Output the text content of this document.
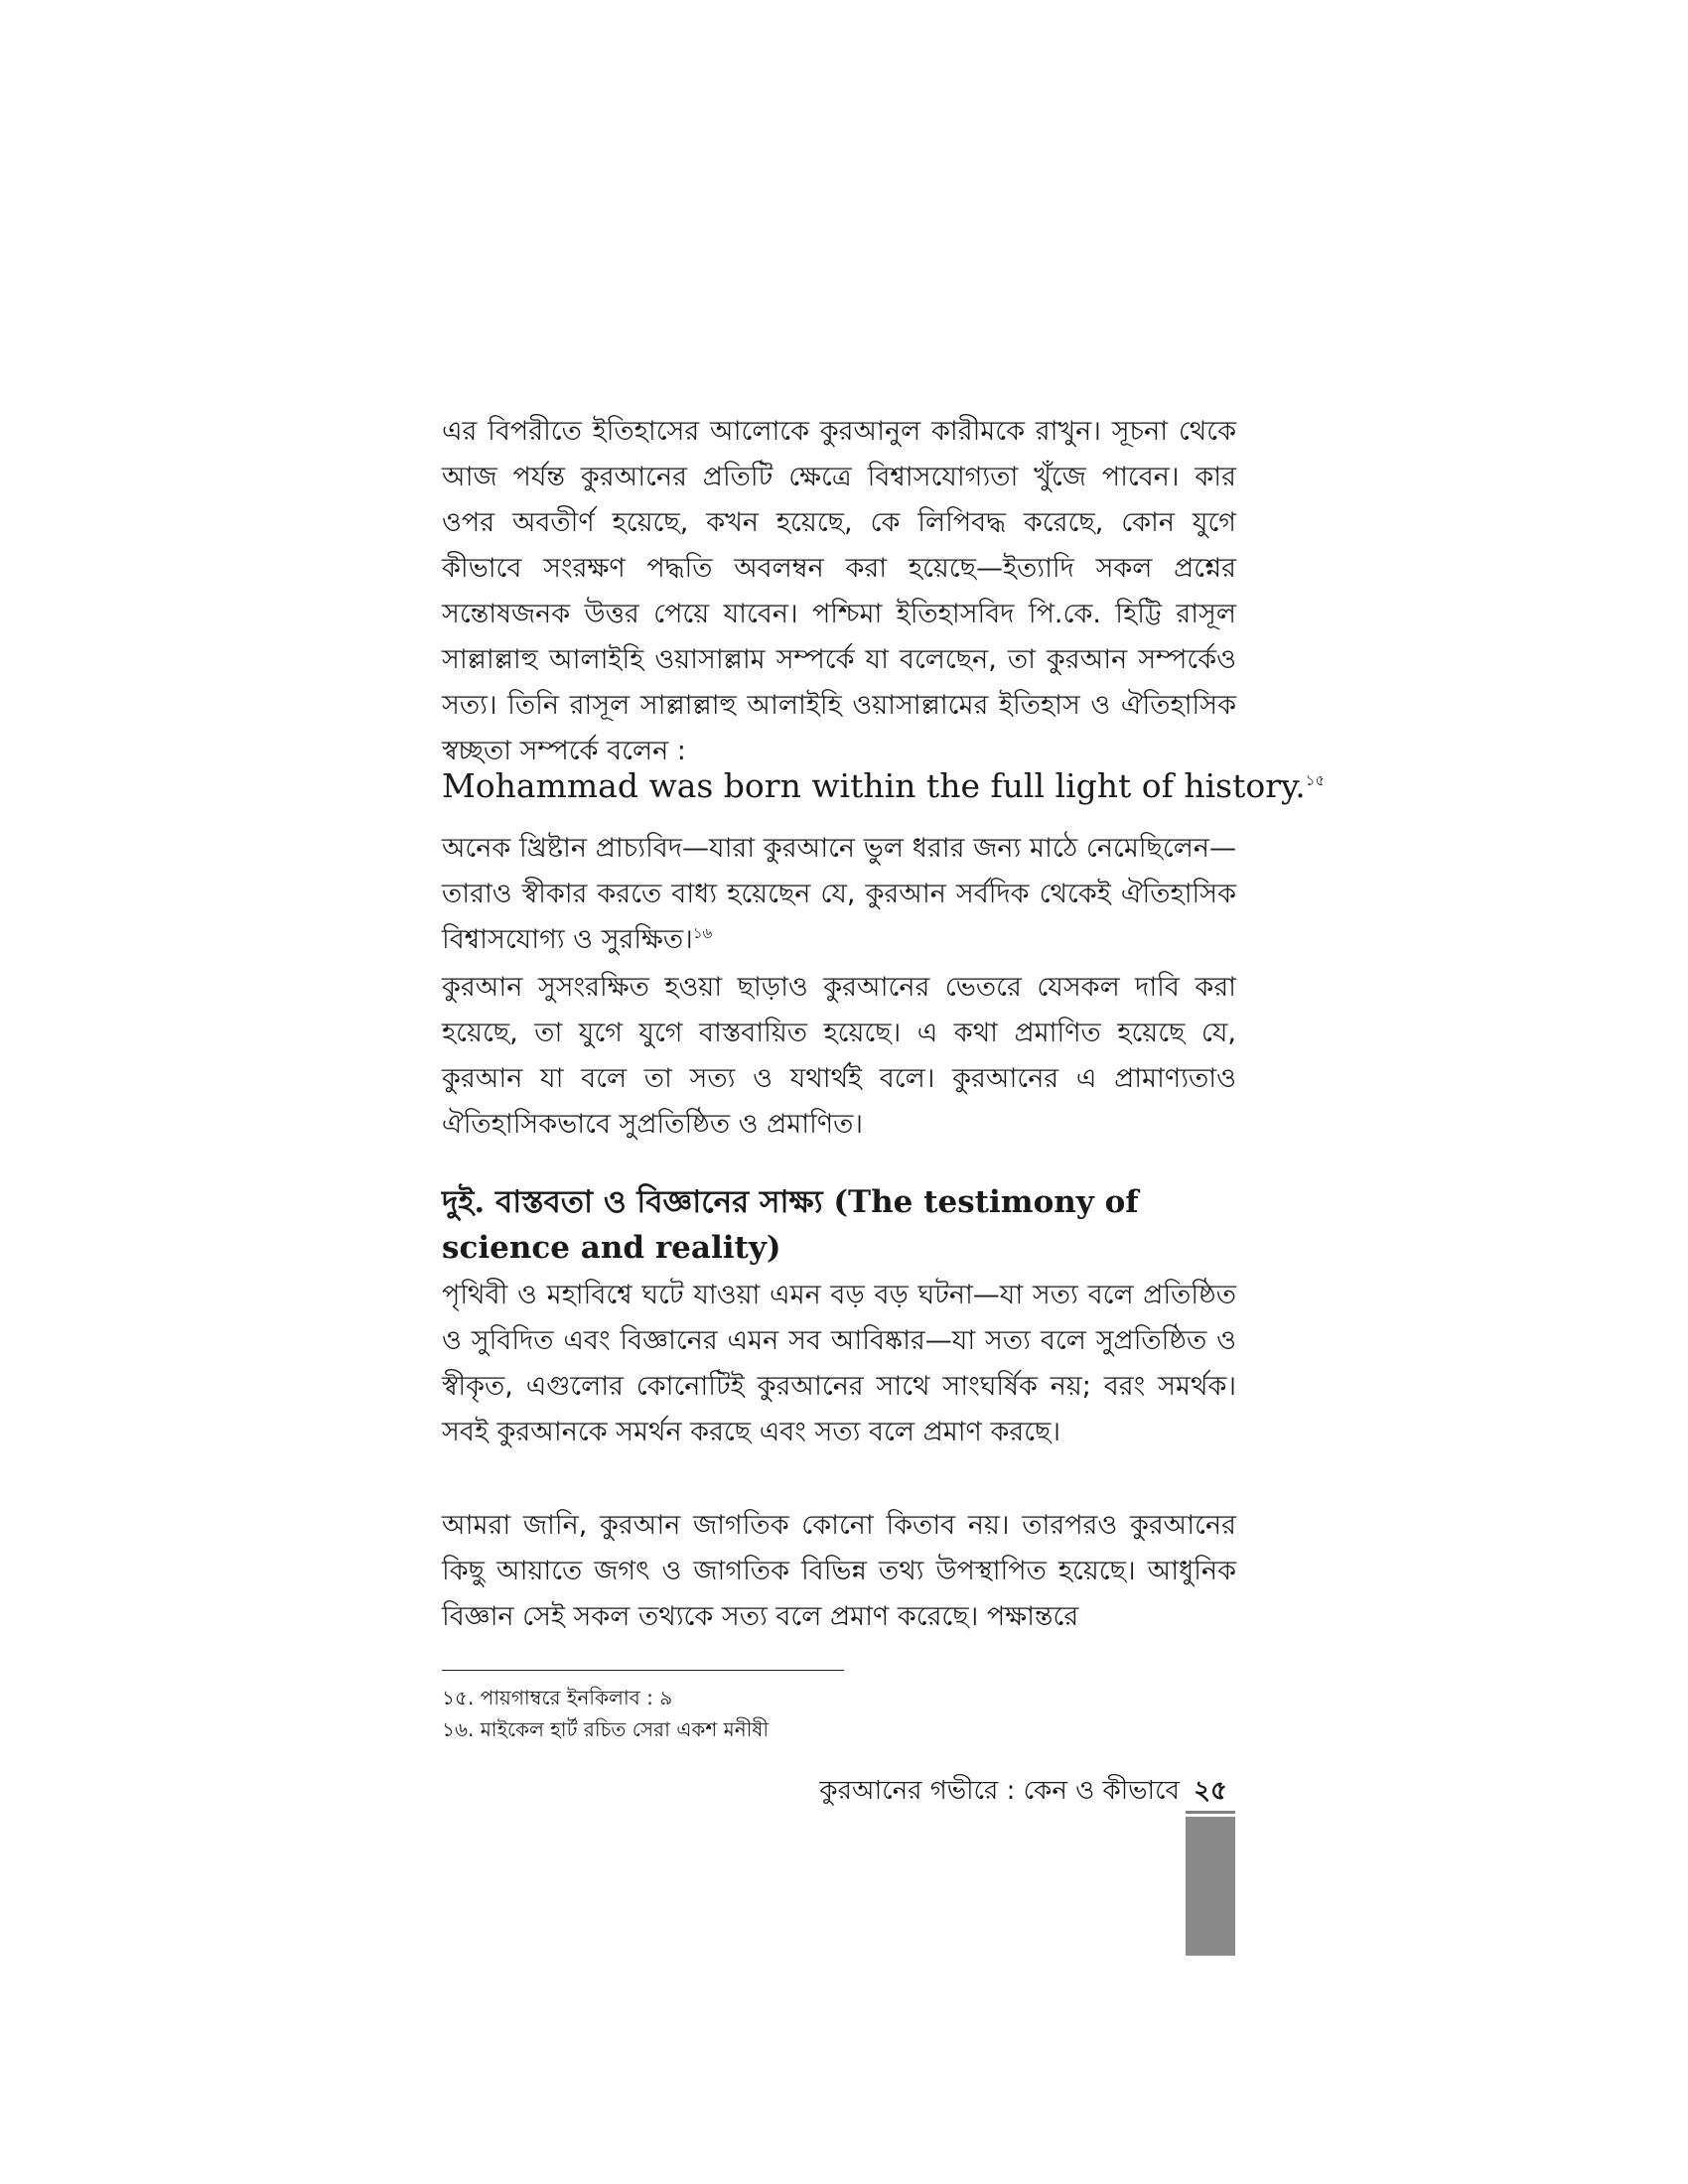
এর বিপরীতে ইতিহাসের আলোকে কুরআনুল কারীমকে রাখুন। সূচনা থেকে আজ পর্যন্ত কুরআনের প্রতিটি ক্ষেত্রে বিশ্বাসযোগ্যতা খুঁজে পাবেন। কার ওপর অবতীর্ণ হয়েছে, কখন হয়েছে, কে লিপিবদ্ধ করেছে, কোন যুগে কীভাবে সংরক্ষণ পদ্ধতি অবলম্বন করা হয়েছে—ইত্যাদি সকল প্রশ্নের সন্তোষজনক উত্তর পেয়ে যাবেন। পশ্চিমা ইতিহাসবিদ পি.কে. হিট্টি রাসূল সাল্লাল্লাহু আলাইহি ওয়াসাল্লাম সম্পর্কে যা বলেছেন, তা কুরআন সম্পর্কেও সত্য। তিনি রাসূল সাল্লাল্লাহু আলাইহি ওয়াসাল্লামের ইতিহাস ও ঐতিহাসিক স্বচ্ছতা সম্পর্কে বলেন :

Mohammad was born within the full light of history.$^{১৫}$

অনেক খ্রিষ্টান প্রাচ্যবিদ—যারা কুরআনে ভুল ধরার জন্য মাঠে নেমেছিলেন—তারাও স্বীকার করতে বাধ্য হয়েছেন যে, কুরআন সর্বদিক থেকেই ঐতিহাসিক বিশ্বাসযোগ্য ও সুরক্ষিত।$^{১৬}$

কুরআন সুসংরক্ষিত হওয়া ছাড়াও কুরআনের ভেতরে যেসকল দাবি করা হয়েছে, তা যুগে যুগে বাস্তবায়িত হয়েছে। এ কথা প্রমাণিত হয়েছে যে, কুরআন যা বলে তা সত্য ও যথার্থই বলে। কুরআনের এ প্রামাণ্যতাও ঐতিহাসিকভাবে সুপ্রতিষ্ঠিত ও প্রমাণিত।

দুই. বাস্তবতা ও বিজ্ঞানের সাক্ষ্য (The testimony of science and reality)

পৃথিবী ও মহাবিশ্বে ঘটে যাওয়া এমন বড় বড় ঘটনা—যা সত্য বলে প্রতিষ্ঠিত ও সুবিদিত এবং বিজ্ঞানের এমন সব আবিষ্কার—যা সত্য বলে সুপ্রতিষ্ঠিত ও স্বীকৃত, এগুলোর কোনোটিই কুরআনের সাথে সাংঘর্ষিক নয়; বরং সমর্থক। সবই কুরআনকে সমর্থন করছে এবং সত্য বলে প্রমাণ করছে।

আমরা জানি, কুরআন জাগতিক কোনো কিতাব নয়। তারপরও কুরআনের কিছু আয়াতে জগৎ ও জাগতিক বিভিন্ন তথ্য উপস্থাপিত হয়েছে। আধুনিক বিজ্ঞান সেই সকল তথ্যকে সত্য বলে প্রমাণ করেছে। পক্ষান্তরে

১৫. পায়গাম্বরে ইনকিলাব : ৯
১৬. মাইকেল হার্ট রচিত সেরা একশ মনীষী
কুরআনের গভীরে : কেন ও কীভাবে ২৫
